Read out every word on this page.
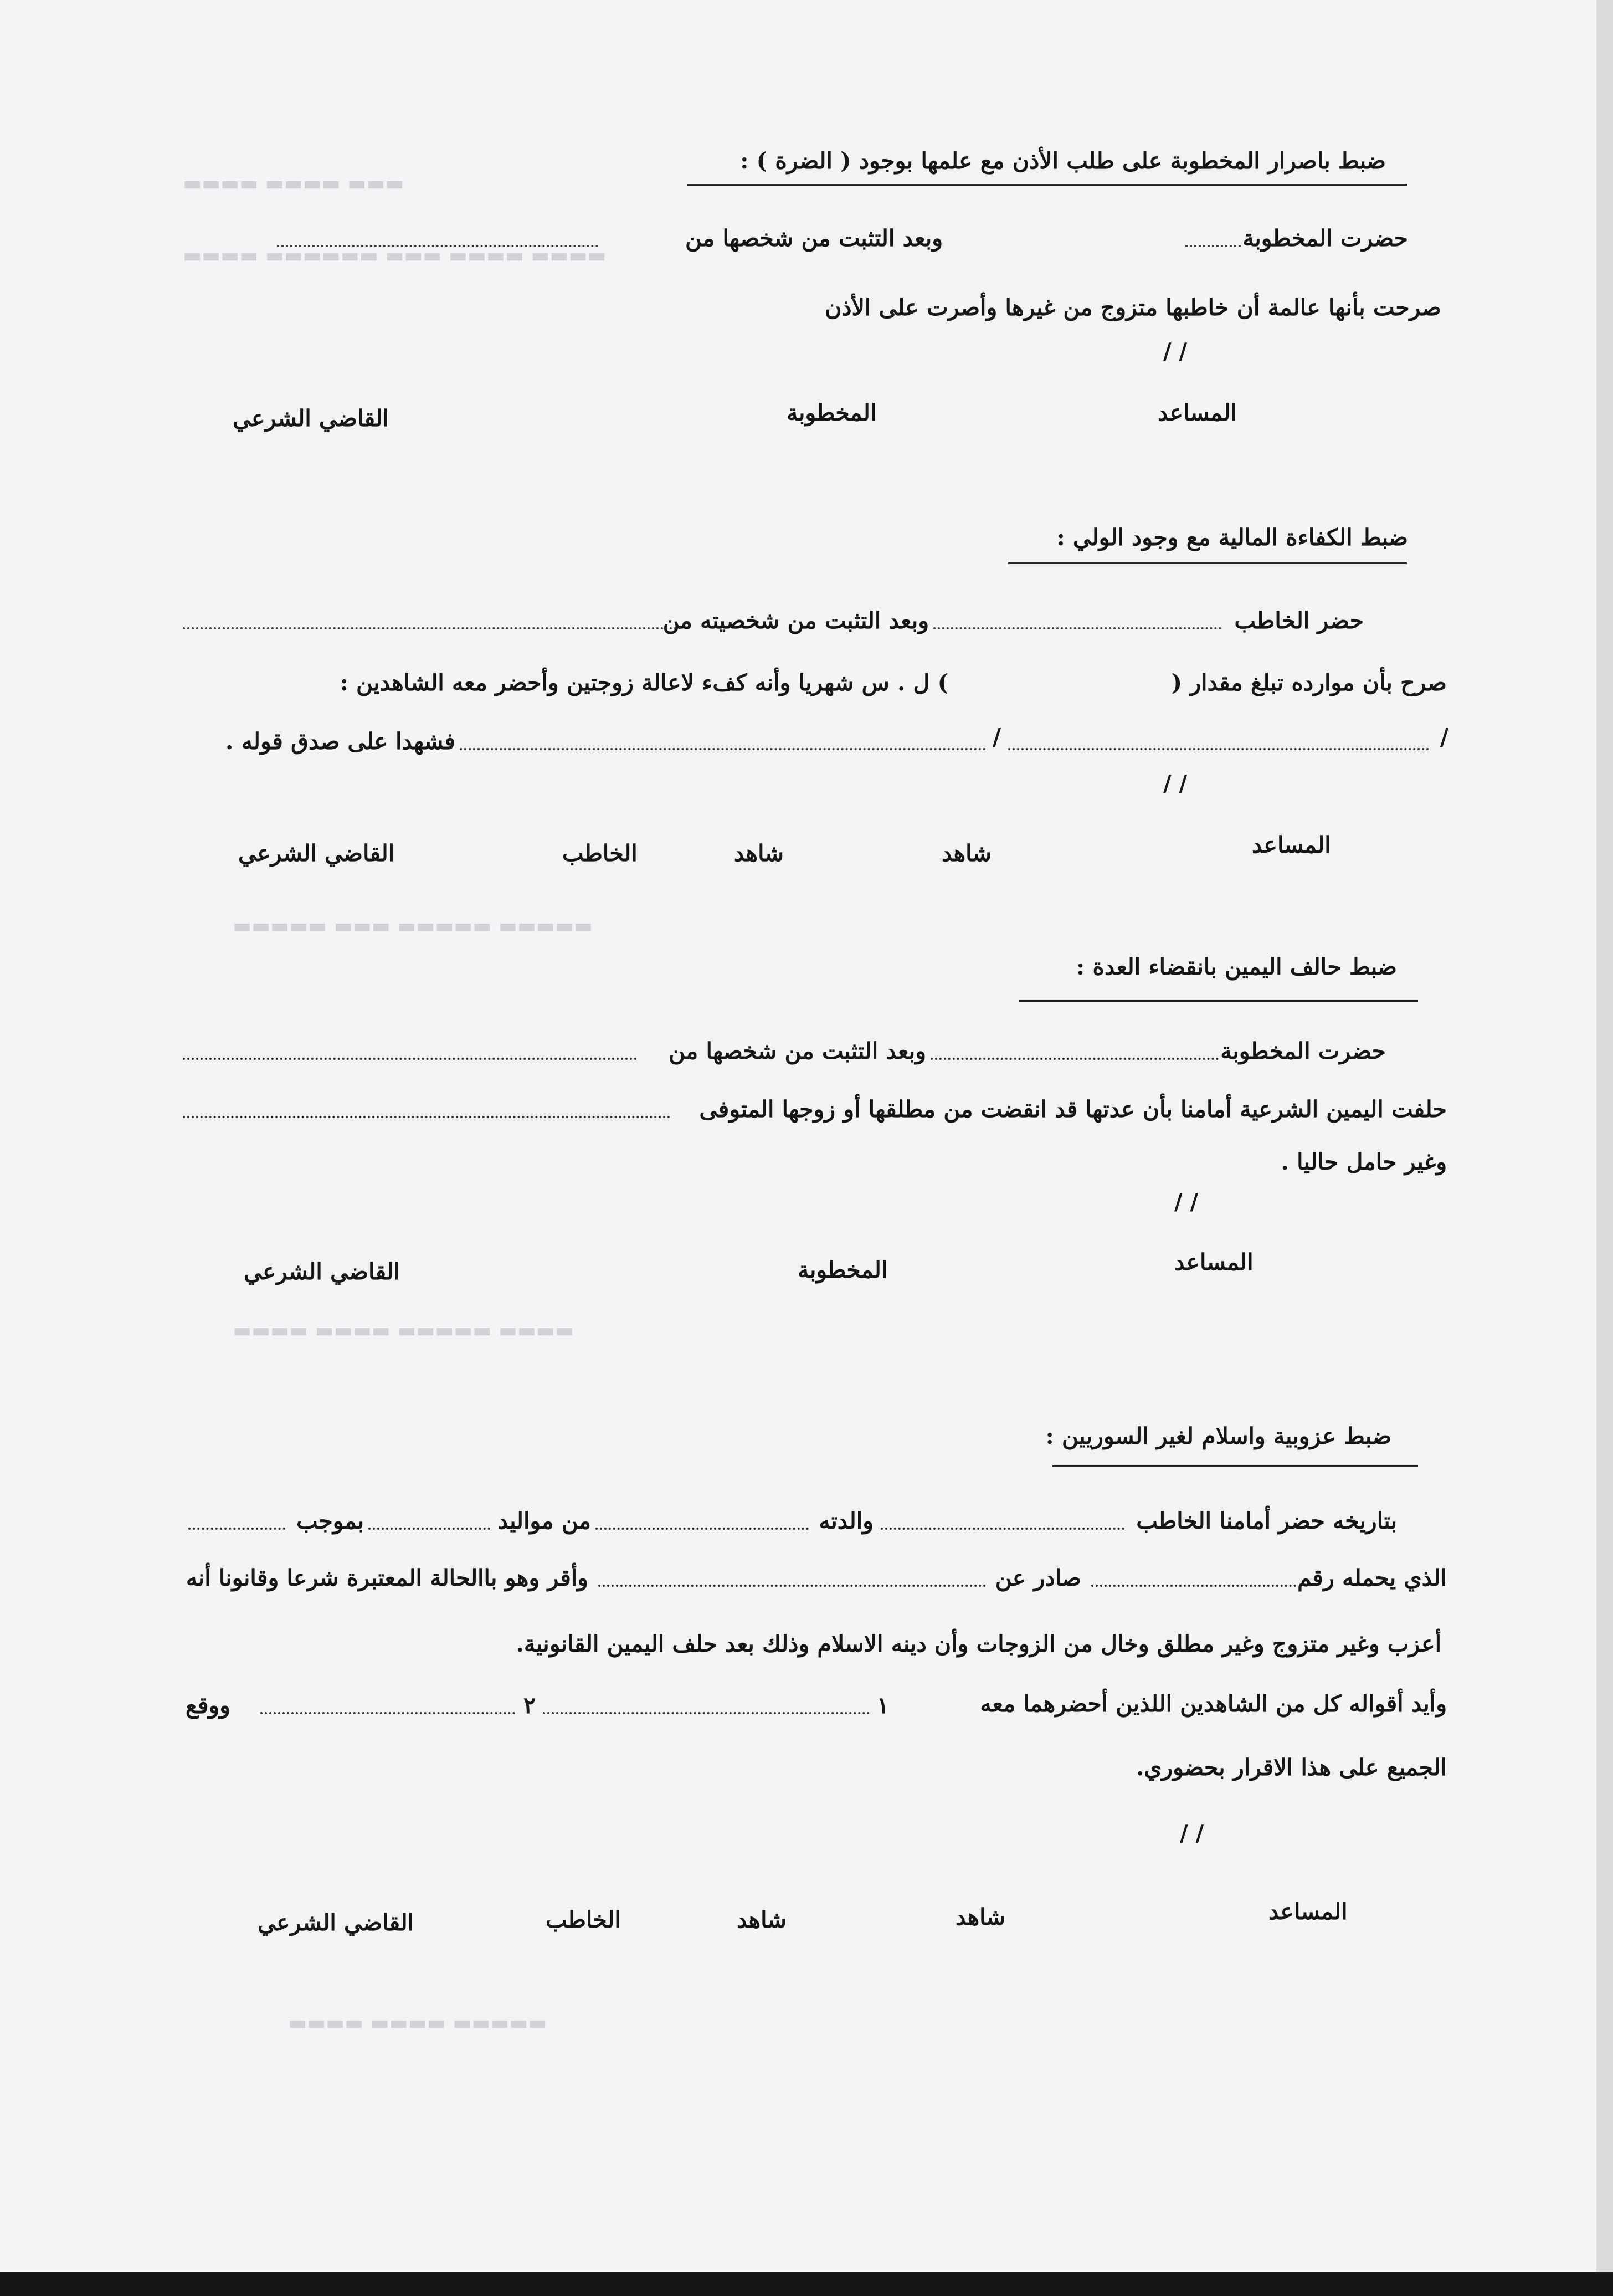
▬▬▬ ▬▬▬▬ ▬▬▬▬
▬▬▬▬ ▬▬▬▬ ▬▬▬ ▬▬▬▬▬▬ ▬▬▬▬
▬▬▬▬▬ ▬▬▬▬▬ ▬▬▬ ▬▬▬▬▬
▬▬▬▬ ▬▬▬▬▬ ▬▬▬▬ ▬▬▬▬
▬▬▬▬▬ ▬▬▬▬ ▬▬▬▬
ضبط باصرار المخطوبة على طلب الأذن مع علمها بوجود ( الضرة ) :
حضرت المخطوبة
وبعد التثبت من شخصها من
صرحت بأنها عالمة أن خاطبها متزوج من غيرها وأصرت على الأذن
/ /
المساعد
المخطوبة
القاضي الشرعي
ضبط الكفاءة المالية مع وجود الولي :
حضر الخاطب
وبعد التثبت من شخصيته من
صرح بأن موارده تبلغ مقدار (
) ل . س شهريا وأنه كفء لاعالة زوجتين وأحضر معه الشاهدين :
/
/
فشهدا على صدق قوله .
/ /
المساعد
شاهد
شاهد
الخاطب
القاضي الشرعي
ضبط حالف اليمين بانقضاء العدة :
حضرت المخطوبة
وبعد التثبت من شخصها من
حلفت اليمين الشرعية أمامنا بأن عدتها قد انقضت من مطلقها أو زوجها المتوفى
وغير حامل حاليا .
/ /
المساعد
المخطوبة
القاضي الشرعي
ضبط عزوبية واسلام لغير السوريين :
بتاريخه حضر أمامنا الخاطب
والدته
من مواليد
بموجب
الذي يحمله رقم
صادر عن
وأقر وهو باالحالة المعتبرة شرعا وقانونا أنه
أعزب وغير متزوج وغير مطلق وخال من الزوجات وأن دينه الاسلام وذلك بعد حلف اليمين القانونية.
وأيد أقواله كل من الشاهدين اللذين أحضرهما معه
١
٢
ووقع
الجميع على هذا الاقرار بحضوري.
/ /
المساعد
شاهد
شاهد
الخاطب
القاضي الشرعي
